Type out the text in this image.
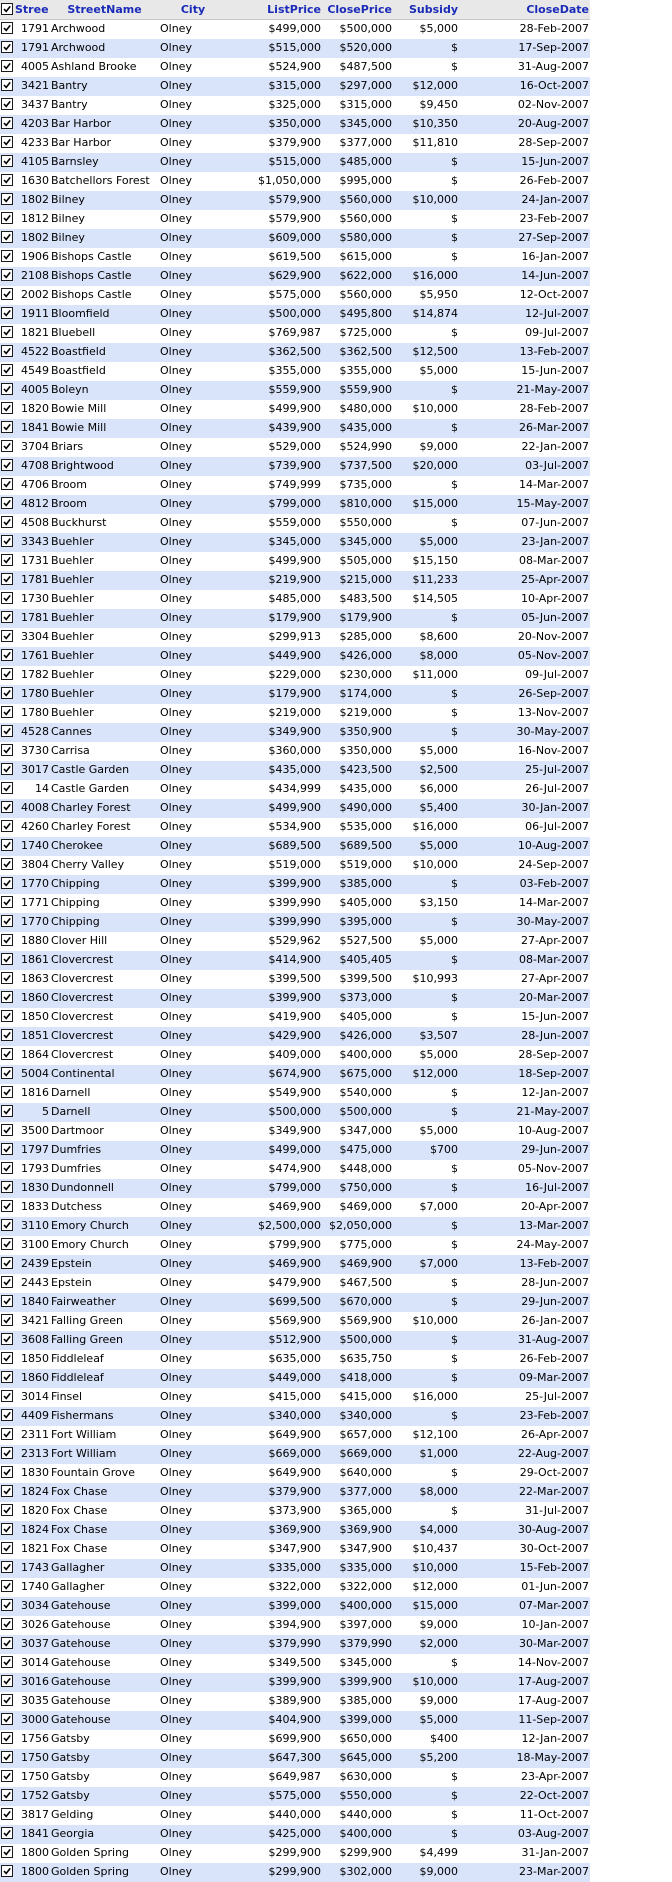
	Stree	StreetName	City	ListPrice	ClosePrice	Subsidy	CloseDate

	1791	Archwood	Olney	$499,000	$500,000	$5,000	28-Feb-2007

	1791	Archwood	Olney	$515,000	$520,000	$	17-Sep-2007

	4005	Ashland Brooke	Olney	$524,900	$487,500	$	31-Aug-2007

	3421	Bantry	Olney	$315,000	$297,000	$12,000	16-Oct-2007

	3437	Bantry	Olney	$325,000	$315,000	$9,450	02-Nov-2007

	4203	Bar Harbor	Olney	$350,000	$345,000	$10,350	20-Aug-2007

	4233	Bar Harbor	Olney	$379,900	$377,000	$11,810	28-Sep-2007

	4105	Barnsley	Olney	$515,000	$485,000	$	15-Jun-2007

	1630	Batchellors Forest	Olney	$1,050,000	$995,000	$	26-Feb-2007

	1802	Bilney	Olney	$579,900	$560,000	$10,000	24-Jan-2007

	1812	Bilney	Olney	$579,900	$560,000	$	23-Feb-2007

	1802	Bilney	Olney	$609,000	$580,000	$	27-Sep-2007

	1906	Bishops Castle	Olney	$619,500	$615,000	$	16-Jan-2007

	2108	Bishops Castle	Olney	$629,900	$622,000	$16,000	14-Jun-2007

	2002	Bishops Castle	Olney	$575,000	$560,000	$5,950	12-Oct-2007

	1911	Bloomfield	Olney	$500,000	$495,800	$14,874	12-Jul-2007

	1821	Bluebell	Olney	$769,987	$725,000	$	09-Jul-2007

	4522	Boastfield	Olney	$362,500	$362,500	$12,500	13-Feb-2007

	4549	Boastfield	Olney	$355,000	$355,000	$5,000	15-Jun-2007

	4005	Boleyn	Olney	$559,900	$559,900	$	21-May-2007

	1820	Bowie Mill	Olney	$499,900	$480,000	$10,000	28-Feb-2007

	1841	Bowie Mill	Olney	$439,900	$435,000	$	26-Mar-2007

	3704	Briars	Olney	$529,000	$524,990	$9,000	22-Jan-2007

	4708	Brightwood	Olney	$739,900	$737,500	$20,000	03-Jul-2007

	4706	Broom	Olney	$749,999	$735,000	$	14-Mar-2007

	4812	Broom	Olney	$799,000	$810,000	$15,000	15-May-2007

	4508	Buckhurst	Olney	$559,000	$550,000	$	07-Jun-2007

	3343	Buehler	Olney	$345,000	$345,000	$5,000	23-Jan-2007

	1731	Buehler	Olney	$499,900	$505,000	$15,150	08-Mar-2007

	1781	Buehler	Olney	$219,900	$215,000	$11,233	25-Apr-2007

	1730	Buehler	Olney	$485,000	$483,500	$14,505	10-Apr-2007

	1781	Buehler	Olney	$179,900	$179,900	$	05-Jun-2007

	3304	Buehler	Olney	$299,913	$285,000	$8,600	20-Nov-2007

	1761	Buehler	Olney	$449,900	$426,000	$8,000	05-Nov-2007

	1782	Buehler	Olney	$229,000	$230,000	$11,000	09-Jul-2007

	1780	Buehler	Olney	$179,900	$174,000	$	26-Sep-2007

	1780	Buehler	Olney	$219,000	$219,000	$	13-Nov-2007

	4528	Cannes	Olney	$349,900	$350,900	$	30-May-2007

	3730	Carrisa	Olney	$360,000	$350,000	$5,000	16-Nov-2007

	3017	Castle Garden	Olney	$435,000	$423,500	$2,500	25-Jul-2007

	14	Castle Garden	Olney	$434,999	$435,000	$6,000	26-Jul-2007

	4008	Charley Forest	Olney	$499,900	$490,000	$5,400	30-Jan-2007

	4260	Charley Forest	Olney	$534,900	$535,000	$16,000	06-Jul-2007

	1740	Cherokee	Olney	$689,500	$689,500	$5,000	10-Aug-2007

	3804	Cherry Valley	Olney	$519,000	$519,000	$10,000	24-Sep-2007

	1770	Chipping	Olney	$399,900	$385,000	$	03-Feb-2007

	1771	Chipping	Olney	$399,990	$405,000	$3,150	14-Mar-2007

	1770	Chipping	Olney	$399,990	$395,000	$	30-May-2007

	1880	Clover Hill	Olney	$529,962	$527,500	$5,000	27-Apr-2007

	1861	Clovercrest	Olney	$414,900	$405,405	$	08-Mar-2007

	1863	Clovercrest	Olney	$399,500	$399,500	$10,993	27-Apr-2007

	1860	Clovercrest	Olney	$399,900	$373,000	$	20-Mar-2007

	1850	Clovercrest	Olney	$419,900	$405,000	$	15-Jun-2007

	1851	Clovercrest	Olney	$429,900	$426,000	$3,507	28-Jun-2007

	1864	Clovercrest	Olney	$409,000	$400,000	$5,000	28-Sep-2007

	5004	Continental	Olney	$674,900	$675,000	$12,000	18-Sep-2007

	1816	Darnell	Olney	$549,900	$540,000	$	12-Jan-2007

	5	Darnell	Olney	$500,000	$500,000	$	21-May-2007

	3500	Dartmoor	Olney	$349,900	$347,000	$5,000	10-Aug-2007

	1797	Dumfries	Olney	$499,000	$475,000	$700	29-Jun-2007

	1793	Dumfries	Olney	$474,900	$448,000	$	05-Nov-2007

	1830	Dundonnell	Olney	$799,000	$750,000	$	16-Jul-2007

	1833	Dutchess	Olney	$469,900	$469,000	$7,000	20-Apr-2007

	3110	Emory Church	Olney	$2,500,000	$2,050,000	$	13-Mar-2007

	3100	Emory Church	Olney	$799,900	$775,000	$	24-May-2007

	2439	Epstein	Olney	$469,900	$469,900	$7,000	13-Feb-2007

	2443	Epstein	Olney	$479,900	$467,500	$	28-Jun-2007

	1840	Fairweather	Olney	$699,500	$670,000	$	29-Jun-2007

	3421	Falling Green	Olney	$569,900	$569,900	$10,000	26-Jan-2007

	3608	Falling Green	Olney	$512,900	$500,000	$	31-Aug-2007

	1850	Fiddleleaf	Olney	$635,000	$635,750	$	26-Feb-2007

	1860	Fiddleleaf	Olney	$449,000	$418,000	$	09-Mar-2007

	3014	Finsel	Olney	$415,000	$415,000	$16,000	25-Jul-2007

	4409	Fishermans	Olney	$340,000	$340,000	$	23-Feb-2007

	2311	Fort William	Olney	$649,900	$657,000	$12,100	26-Apr-2007

	2313	Fort William	Olney	$669,000	$669,000	$1,000	22-Aug-2007

	1830	Fountain Grove	Olney	$649,900	$640,000	$	29-Oct-2007

	1824	Fox Chase	Olney	$379,900	$377,000	$8,000	22-Mar-2007

	1820	Fox Chase	Olney	$373,900	$365,000	$	31-Jul-2007

	1824	Fox Chase	Olney	$369,900	$369,900	$4,000	30-Aug-2007

	1821	Fox Chase	Olney	$347,900	$347,900	$10,437	30-Oct-2007

	1743	Gallagher	Olney	$335,000	$335,000	$10,000	15-Feb-2007

	1740	Gallagher	Olney	$322,000	$322,000	$12,000	01-Jun-2007

	3034	Gatehouse	Olney	$399,000	$400,000	$15,000	07-Mar-2007

	3026	Gatehouse	Olney	$394,900	$397,000	$9,000	10-Jan-2007

	3037	Gatehouse	Olney	$379,990	$379,990	$2,000	30-Mar-2007

	3014	Gatehouse	Olney	$349,500	$345,000	$	14-Nov-2007

	3016	Gatehouse	Olney	$399,900	$399,900	$10,000	17-Aug-2007

	3035	Gatehouse	Olney	$389,900	$385,000	$9,000	17-Aug-2007

	3000	Gatehouse	Olney	$404,900	$399,000	$5,000	11-Sep-2007

	1756	Gatsby	Olney	$699,900	$650,000	$400	12-Jan-2007

	1750	Gatsby	Olney	$647,300	$645,000	$5,200	18-May-2007

	1750	Gatsby	Olney	$649,987	$630,000	$	23-Apr-2007

	1752	Gatsby	Olney	$575,000	$550,000	$	22-Oct-2007

	3817	Gelding	Olney	$440,000	$440,000	$	11-Oct-2007

	1841	Georgia	Olney	$425,000	$400,000	$	03-Aug-2007

	1800	Golden Spring	Olney	$299,900	$299,900	$4,499	31-Jan-2007

	1800	Golden Spring	Olney	$299,900	$302,000	$9,000	23-Mar-2007
